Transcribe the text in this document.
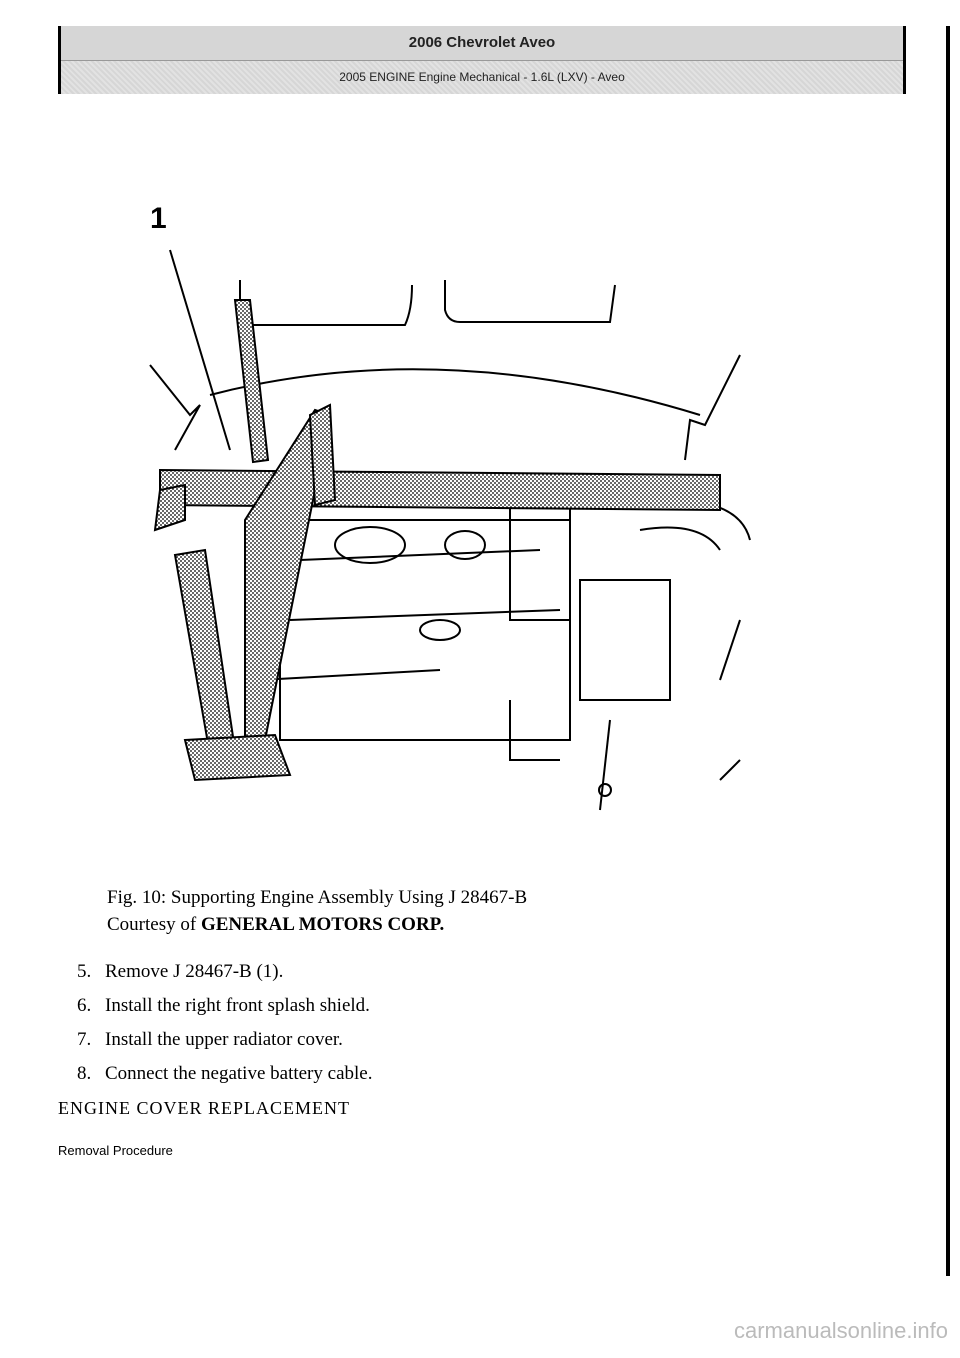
2006 Chevrolet Aveo
2005 ENGINE Engine Mechanical - 1.6L (LXV) - Aveo
1
Fig. 10: Supporting Engine Assembly Using J 28467-B
Courtesy of GENERAL MOTORS CORP.
5. Remove J 28467-B (1).
6. Install the right front splash shield.
7. Install the upper radiator cover.
8. Connect the negative battery cable.
ENGINE COVER REPLACEMENT
Removal Procedure
carmanualsonline.info
